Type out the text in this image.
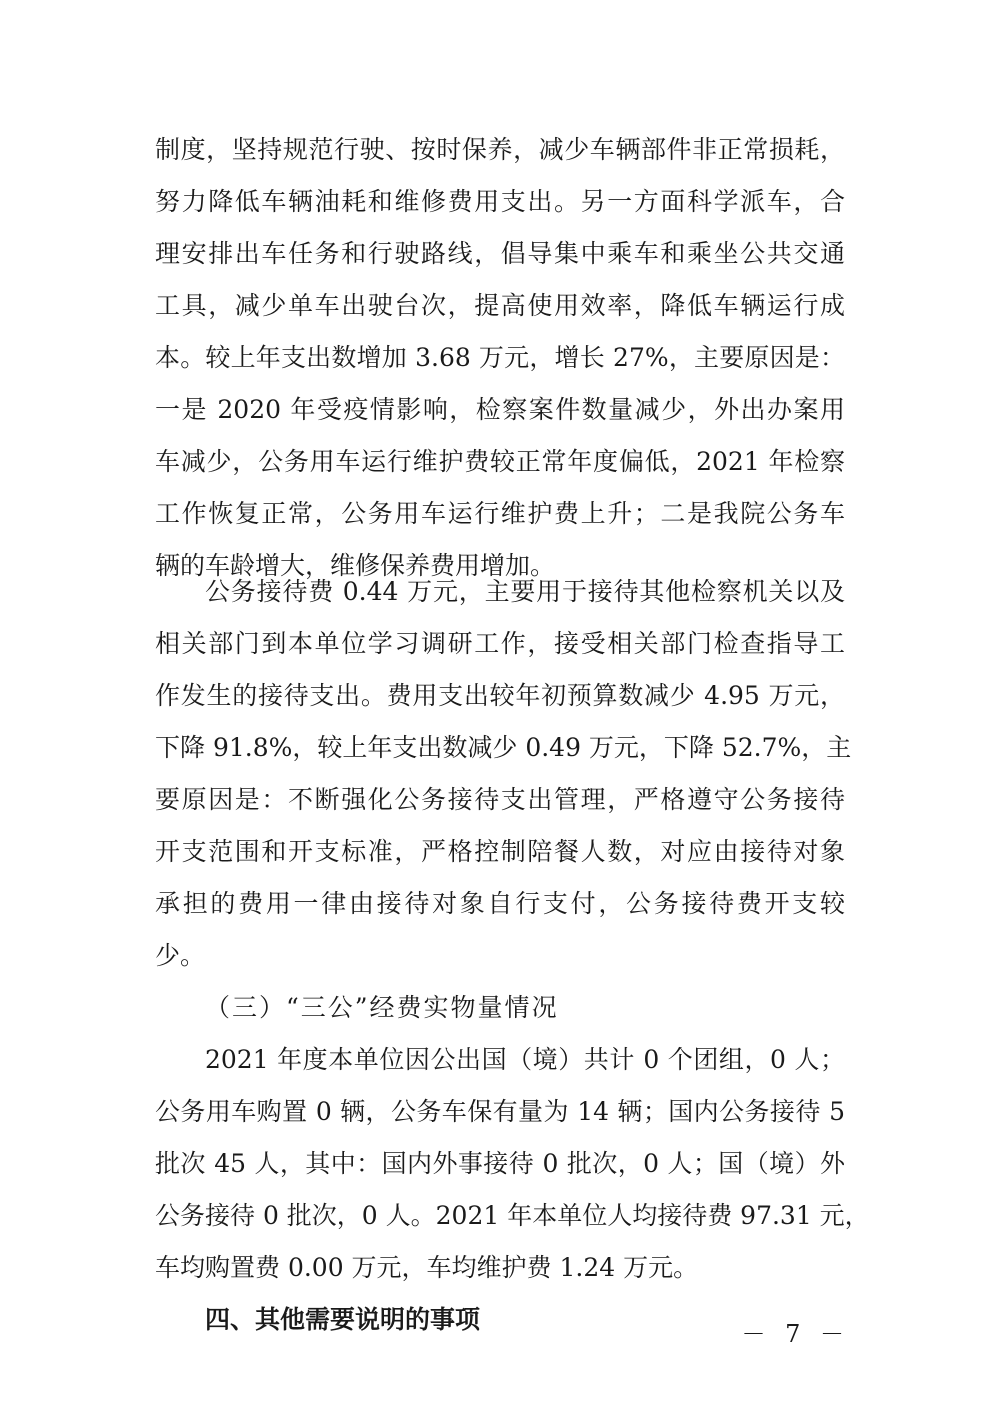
制度，坚持规范行驶、按时保养，减少车辆部件非正常损耗，
努力降低车辆油耗和维修费用支出。另一方面科学派车，合
理安排出车任务和行驶路线，倡导集中乘车和乘坐公共交通
工具，减少单车出驶台次，提高使用效率，降低车辆运行成
本。较上年支出数增加 3.68 万元，增长 27%，主要原因是：
一是 2020 年受疫情影响，检察案件数量减少，外出办案用
车减少，公务用车运行维护费较正常年度偏低，2021 年检察
工作恢复正常，公务用车运行维护费上升；二是我院公务车
辆的车龄增大，维修保养费用增加。
公务接待费 0.44 万元，主要用于接待其他检察机关以及
相关部门到本单位学习调研工作，接受相关部门检查指导工
作发生的接待支出。费用支出较年初预算数减少 4.95 万元，
下降 91.8%，较上年支出数减少 0.49 万元，下降 52.7%，主
要原因是：不断强化公务接待支出管理，严格遵守公务接待
开支范围和开支标准，严格控制陪餐人数，对应由接待对象
承担的费用一律由接待对象自行支付，公务接待费开支较
少。
（三）“三公”经费实物量情况
2021 年度本单位因公出国（境）共计 0 个团组，0 人；
公务用车购置 0 辆，公务车保有量为 14 辆；国内公务接待 5
批次 45 人，其中：国内外事接待 0 批次，0 人；国（境）外
公务接待 0 批次，0 人。2021 年本单位人均接待费 97.31 元，
车均购置费 0.00 万元，车均维护费 1.24 万元。
四、其他需要说明的事项	－ 7 －
